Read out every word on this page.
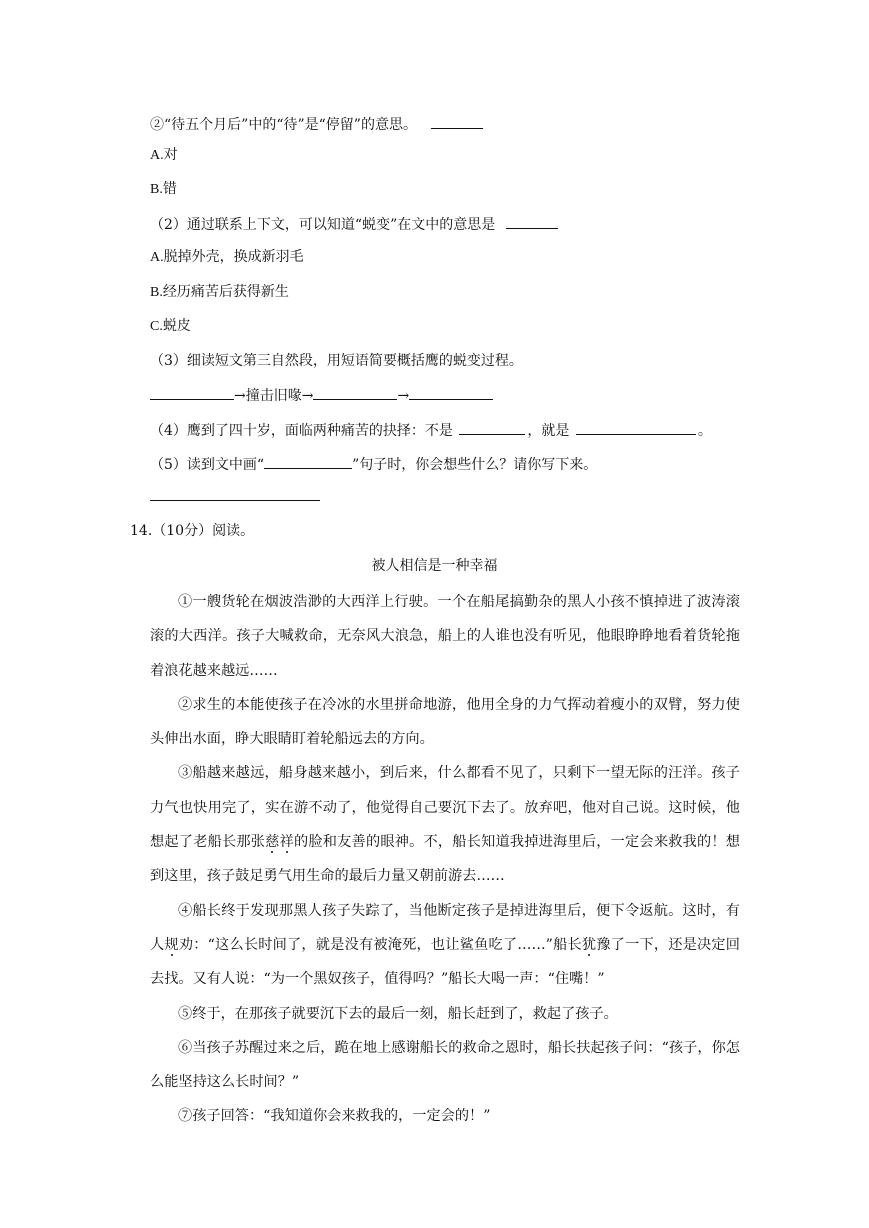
②“待五个月后”中的“待”是“停留”的意思。
A.对
B.错
（2）通过联系上下文，可以知道“蜕变”在文中的意思是
A.脱掉外壳，换成新羽毛
B.经历痛苦后获得新生
C.蜕皮
（3）细读短文第三自然段，用短语简要概括鹰的蜕变过程。
→撞击旧喙→	→
（4）鹰到了四十岁，面临两种痛苦的抉择：不是	，就是	。
（5）读到文中画“	”句子时，你会想些什么？请你写下来。
14.（10分）阅读。
被人相信是一种幸福
①一艘货轮在烟波浩渺的大西洋上行驶。一个在船尾搞勤杂的黑人小孩不慎掉进了波涛滚滚的大西洋。孩子大喊救命，无奈风大浪急，船上的人谁也没有听见，他眼睁睁地看着货轮拖着浪花越来越远……
②求生的本能使孩子在冷冰的水里拼命地游，他用全身的力气挥动着瘦小的双臂，努力使头伸出水面，睁大眼睛盯着轮船远去的方向。
③船越来越远，船身越来越小，到后来，什么都看不见了，只剩下一望无际的汪洋。孩子力气也快用完了，实在游不动了，他觉得自己要沉下去了。放弃吧，他对自己说。这时候，他想起了老船长那张慈祥的脸和友善的眼神。不，船长知道我掉进海里后，一定会来救我的！想到这里，孩子鼓足勇气用生命的最后力量又朝前游去……
④船长终于发现那黑人孩子失踪了，当他断定孩子是掉进海里后，便下令返航。这时，有人规劝：“这么长时间了，就是没有被淹死，也让鲨鱼吃了……”船长犹豫了一下，还是决定回去找。又有人说：“为一个黑奴孩子，值得吗？”船长大喝一声：“住嘴！”
⑤终于，在那孩子就要沉下去的最后一刻，船长赶到了，救起了孩子。
⑥当孩子苏醒过来之后，跪在地上感谢船长的救命之恩时，船长扶起孩子问：“孩子，你怎么能坚持这么长时间？”
⑦孩子回答：“我知道你会来救我的，一定会的！”
